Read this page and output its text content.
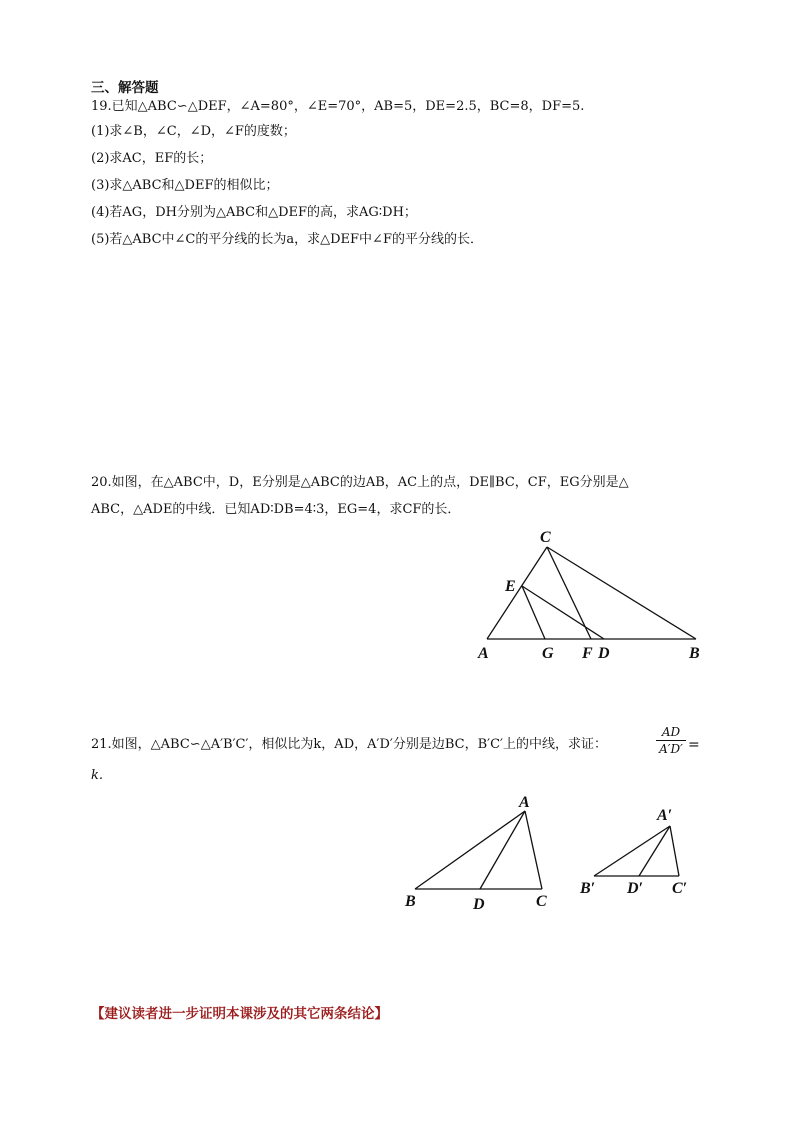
三、解答题
19.已知△ABC∽△DEF，∠A=80°，∠E=70°，AB=5，DE=2.5，BC=8，DF=5.
(1)求∠B，∠C，∠D，∠F的度数；
(2)求AC，EF的长；
(3)求△ABC和△DEF的相似比；
(4)若AG，DH分别为△ABC和△DEF的高，求AG∶DH；
(5)若△ABC中∠C的平分线的长为a，求△DEF中∠F的平分线的长．
20.如图，在△ABC中，D，E分别是△ABC的边AB，AC上的点，DE∥BC，CF，EG分别是△
ABC，△ADE的中线．已知AD∶DB=4∶3，EG=4，求CF的长．
C
E
A	G F D	B
21.如图，△ABC∽△A′B′C′，相似比为k，AD，A′D′分别是边BC，B′C′上的中线，求证：	$\frac{AD}{A'D'}$ =
k.
A
B	D	C
A′
B′ D′ C′
【建议读者进一步证明本课涉及的其它两条结论】
